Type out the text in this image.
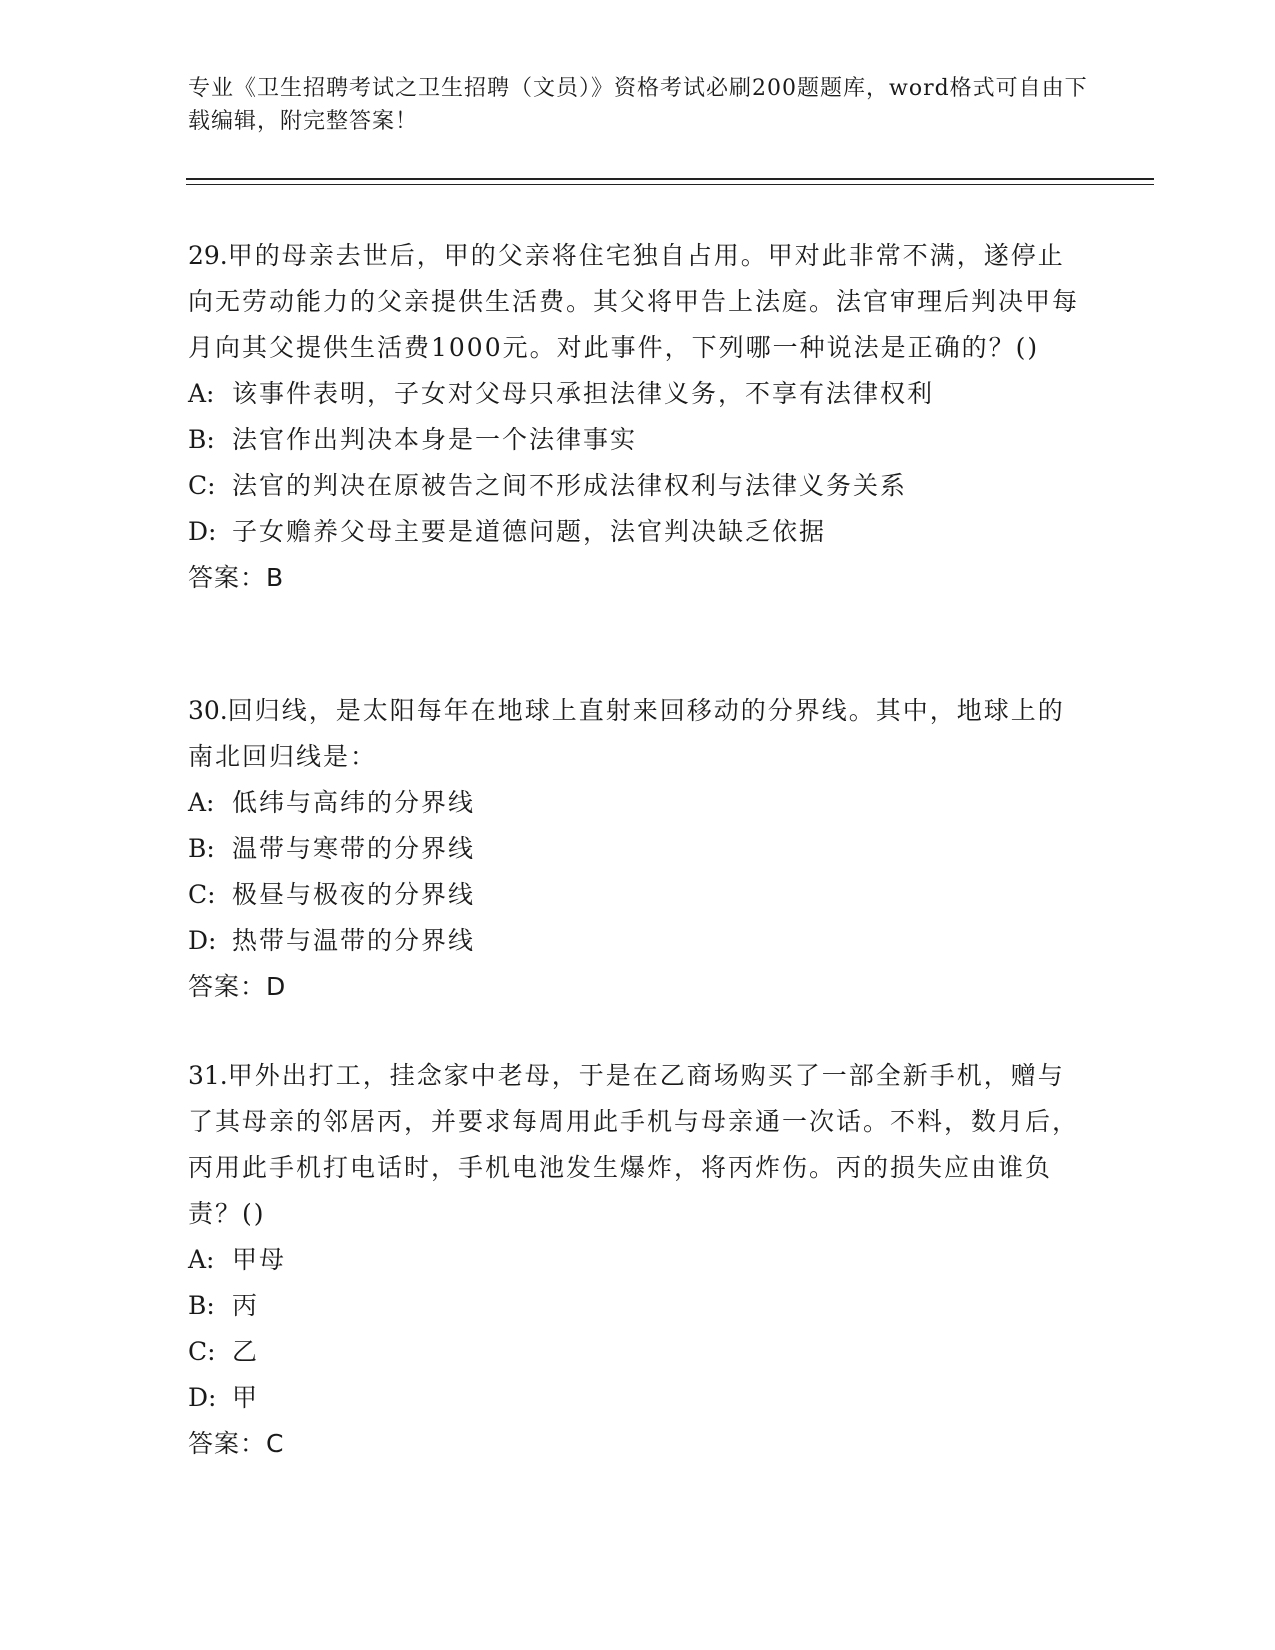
专业《卫生招聘考试之卫生招聘（文员）》资格考试必刷200题题库，word格式可自由下载编辑，附完整答案！
29.甲的母亲去世后，甲的父亲将住宅独自占用。甲对此非常不满，遂停止向无劳动能力的父亲提供生活费。其父将甲告上法庭。法官审理后判决甲每月向其父提供生活费1000元。对此事件，下列哪一种说法是正确的？()
A: 该事件表明，子女对父母只承担法律义务，不享有法律权利
B: 法官作出判决本身是一个法律事实
C: 法官的判决在原被告之间不形成法律权利与法律义务关系
D: 子女赡养父母主要是道德问题，法官判决缺乏依据
答案：B
30.回归线，是太阳每年在地球上直射来回移动的分界线。其中，地球上的南北回归线是：
A: 低纬与高纬的分界线
B: 温带与寒带的分界线
C: 极昼与极夜的分界线
D: 热带与温带的分界线
答案：D
31.甲外出打工，挂念家中老母，于是在乙商场购买了一部全新手机，赠与了其母亲的邻居丙，并要求每周用此手机与母亲通一次话。不料，数月后，丙用此手机打电话时，手机电池发生爆炸，将丙炸伤。丙的损失应由谁负责？()
A: 甲母
B: 丙
C: 乙
D: 甲
答案：C
